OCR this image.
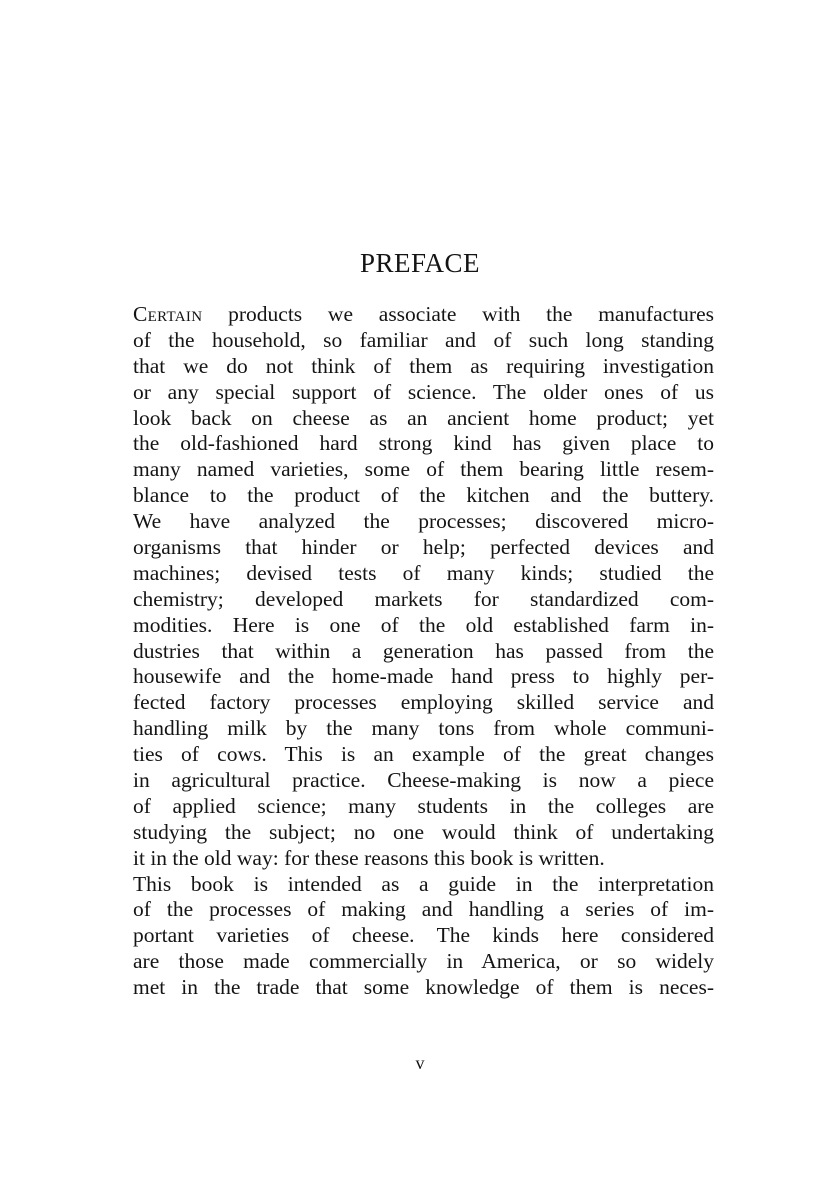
PREFACE
Certain products we associate with the manufactures
of the household, so familiar and of such long standing
that we do not think of them as requiring investigation
or any special support of science. The older ones of us
look back on cheese as an ancient home product; yet
the old-fashioned hard strong kind has given place to
many named varieties, some of them bearing little resem-
blance to the product of the kitchen and the buttery.
We have analyzed the processes; discovered micro-
organisms that hinder or help; perfected devices and
machines; devised tests of many kinds; studied the
chemistry; developed markets for standardized com-
modities. Here is one of the old established farm in-
dustries that within a generation has passed from the
housewife and the home-made hand press to highly per-
fected factory processes employing skilled service and
handling milk by the many tons from whole communi-
ties of cows. This is an example of the great changes
in agricultural practice. Cheese-making is now a piece
of applied science; many students in the colleges are
studying the subject; no one would think of undertaking
it in the old way: for these reasons this book is written.
This book is intended as a guide in the interpretation
of the processes of making and handling a series of im-
portant varieties of cheese. The kinds here considered
are those made commercially in America, or so widely
met in the trade that some knowledge of them is neces-
v
